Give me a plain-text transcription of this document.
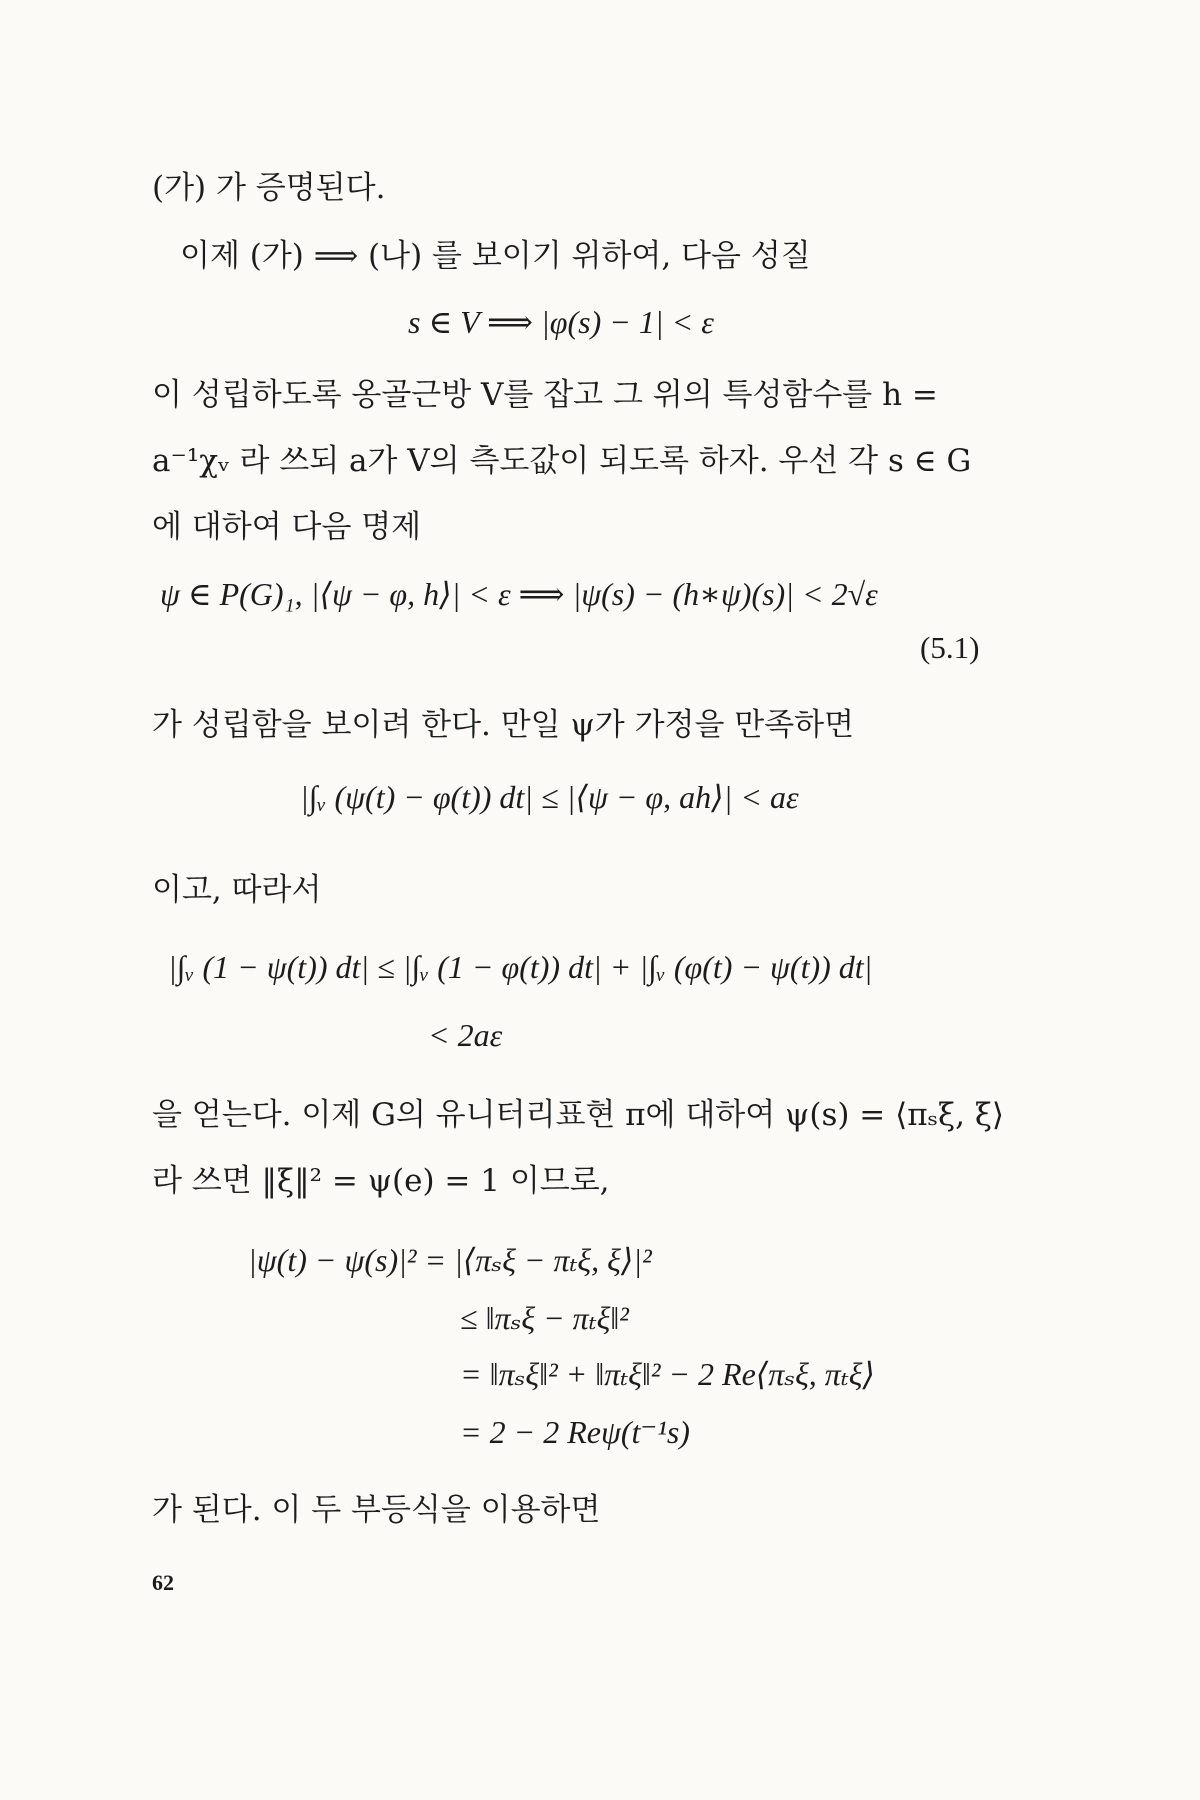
(가) 가 증명된다.
이제 (가) ⟹ (나) 를 보이기 위하여, 다음 성질
s ∈ V ⟹ |φ(s) − 1| < ε
이 성립하도록 옹골근방 V를 잡고 그 위의 특성함수를 h =
a⁻¹χᵥ 라 쓰되 a가 V의 측도값이 되도록 하자. 우선 각 s ∈ G
에 대하여 다음 명제
ψ ∈ P(G)₁, |⟨ψ − φ, h⟩| < ε ⟹ |ψ(s) − (h∗ψ)(s)| < 2√ε
(5.1)
가 성립함을 보이려 한다. 만일 ψ가 가정을 만족하면
|∫ᵥ (ψ(t) − φ(t)) dt| ≤ |⟨ψ − φ, ah⟩| < aε
이고, 따라서
|∫ᵥ (1 − ψ(t)) dt| ≤ |∫ᵥ (1 − φ(t)) dt| + |∫ᵥ (φ(t) − ψ(t)) dt|
< 2aε
을 얻는다. 이제 G의 유니터리표현 π에 대하여 ψ(s) = ⟨πₛξ, ξ⟩
라 쓰면 ‖ξ‖² = ψ(e) = 1 이므로,
|ψ(t) − ψ(s)|² = |⟨πₛξ − πₜξ, ξ⟩|²
≤ ‖πₛξ − πₜξ‖²
= ‖πₛξ‖² + ‖πₜξ‖² − 2 Re⟨πₛξ, πₜξ⟩
= 2 − 2 Reψ(t⁻¹s)
가 된다. 이 두 부등식을 이용하면
62
